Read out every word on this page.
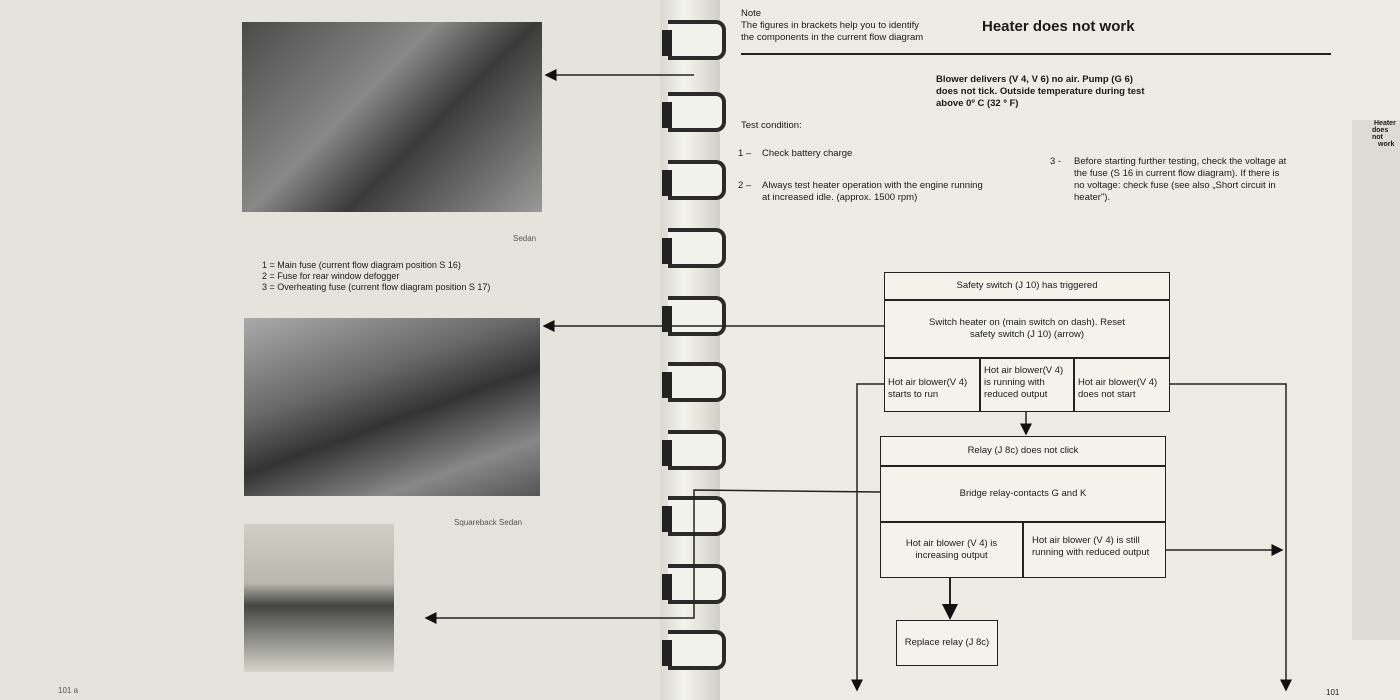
Sedan
1 = Main fuse (current flow diagram position S 16)
2 = Fuse for rear window defogger
3 = Overheating fuse (current flow diagram position S 17)
Squareback Sedan
101 a
Note
The figures in brackets help you to identify
the components in the current flow diagram
Heater does not work
Blower delivers (V 4, V 6) no air. Pump (G 6)
does not tick. Outside temperature during test
above 0º C (32 º F)
Test condition:
1 – Check battery charge
2 – Always test heater operation with the engine running
at increased idle. (approx. 1500 rpm)
3 - Before starting further testing, check the voltage at
the fuse (S 16 in current flow diagram). If there is
no voltage: check fuse (see also „Short circuit in
heater").
Safety switch (J 10) has triggered
Switch heater on (main switch on dash). Reset safety switch (J 10) (arrow)
Hot air blower(V 4) starts to run
Hot air blower(V 4) is running with reduced output
Hot air blower(V 4) does not start
Relay (J 8c) does not click
Bridge relay-contacts G and K
Hot air blower (V 4) is increasing output
Hot air blower (V 4) is still running with reduced output
Replace relay (J 8c)
101
Heater
does not
work
